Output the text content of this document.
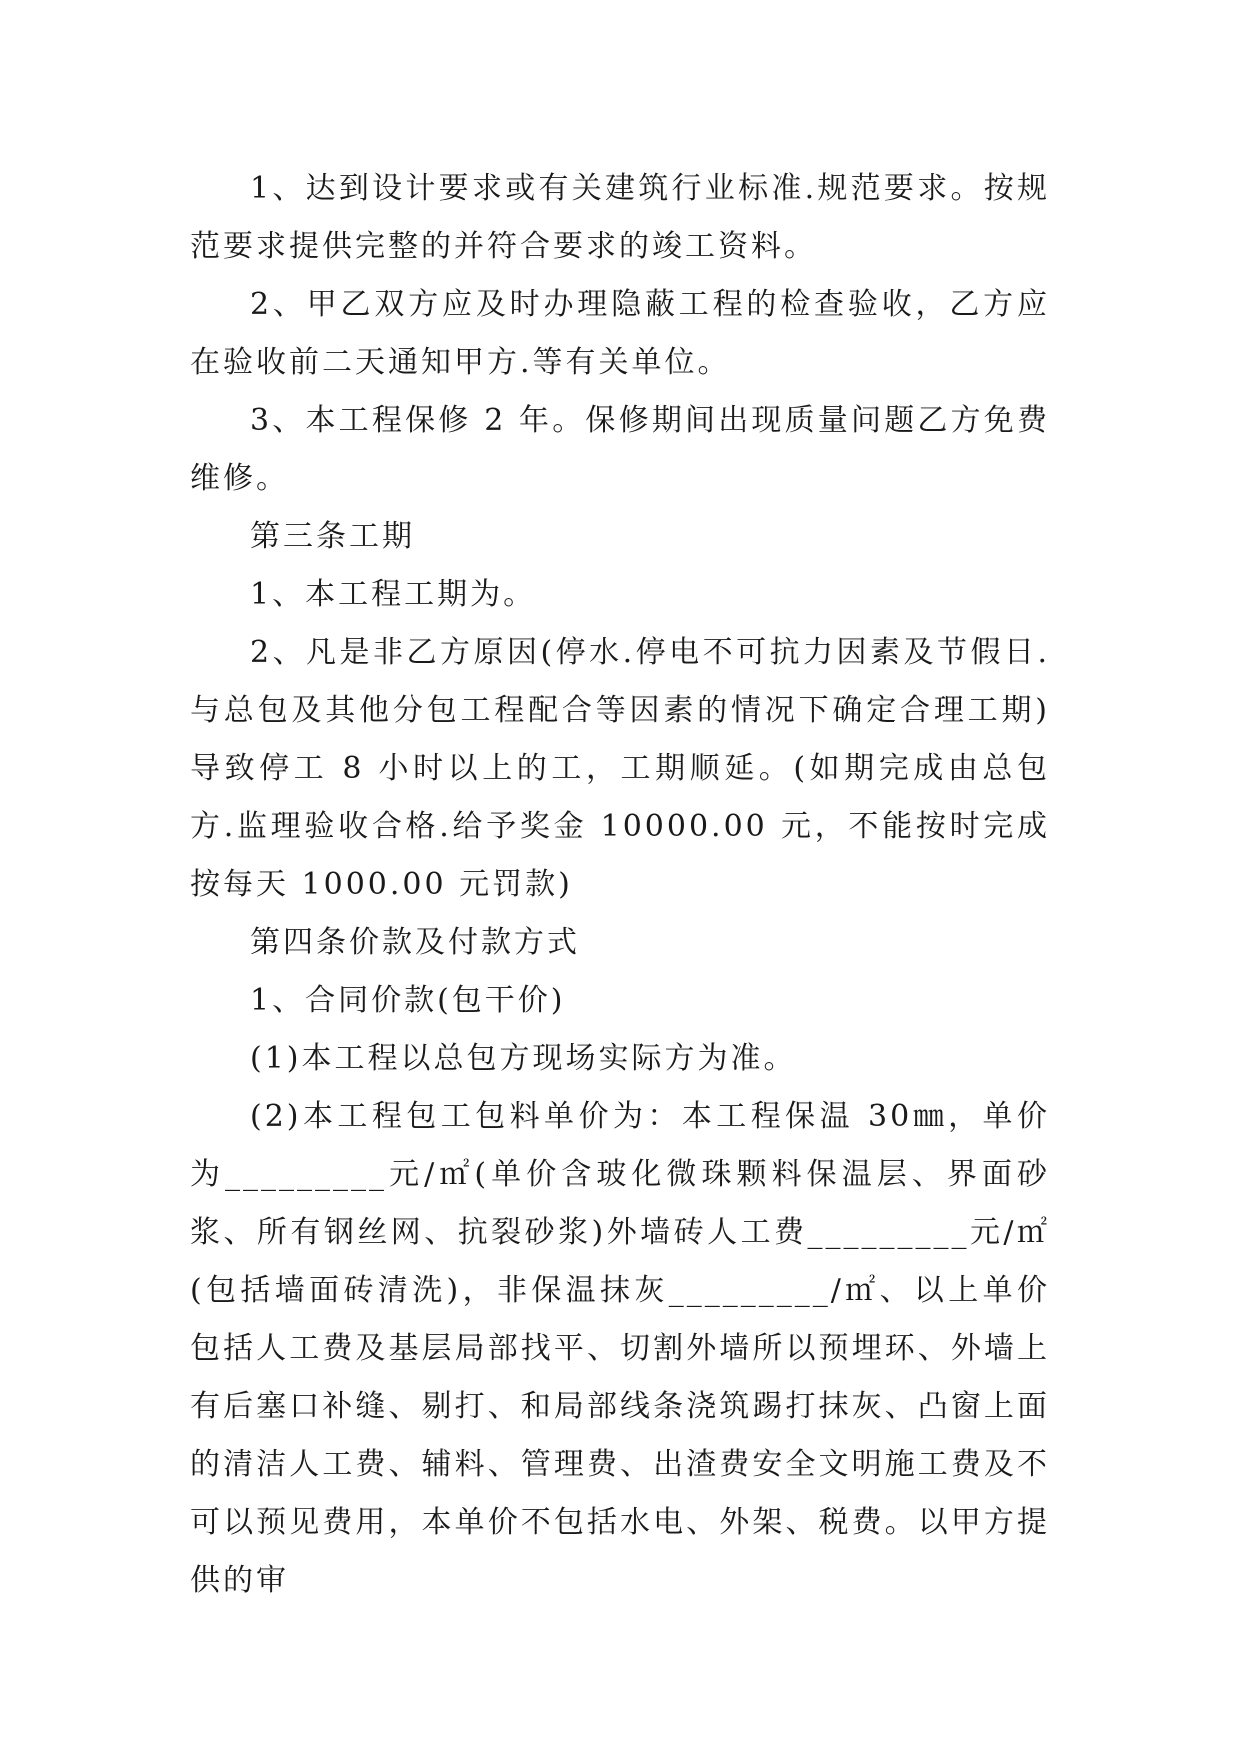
1、达到设计要求或有关建筑行业标准.规范要求。按规范要求提供完整的并符合要求的竣工资料。

2、甲乙双方应及时办理隐蔽工程的检查验收，乙方应在验收前二天通知甲方.等有关单位。

3、本工程保修 2 年。保修期间出现质量问题乙方免费维修。

第三条工期

1、本工程工期为。

2、凡是非乙方原因(停水.停电不可抗力因素及节假日.与总包及其他分包工程配合等因素的情况下确定合理工期)导致停工 8 小时以上的工，工期顺延。(如期完成由总包方.监理验收合格.给予奖金 10000.00 元，不能按时完成按每天 1000.00 元罚款)

第四条价款及付款方式

1、合同价款(包干价)

(1)本工程以总包方现场实际方为准。

(2)本工程包工包料单价为：本工程保温 30㎜，单价为_________元/㎡(单价含玻化微珠颗料保温层、界面砂浆、所有钢丝网、抗裂砂浆)外墙砖人工费_________元/㎡(包括墙面砖清洗)，非保温抹灰_________/㎡、以上单价包括人工费及基层局部找平、切割外墙所以预埋环、外墙上有后塞口补缝、剔打、和局部线条浇筑踢打抹灰、凸窗上面的清洁人工费、辅料、管理费、出渣费安全文明施工费及不可以预见费用，本单价不包括水电、外架、税费。以甲方提供的审
